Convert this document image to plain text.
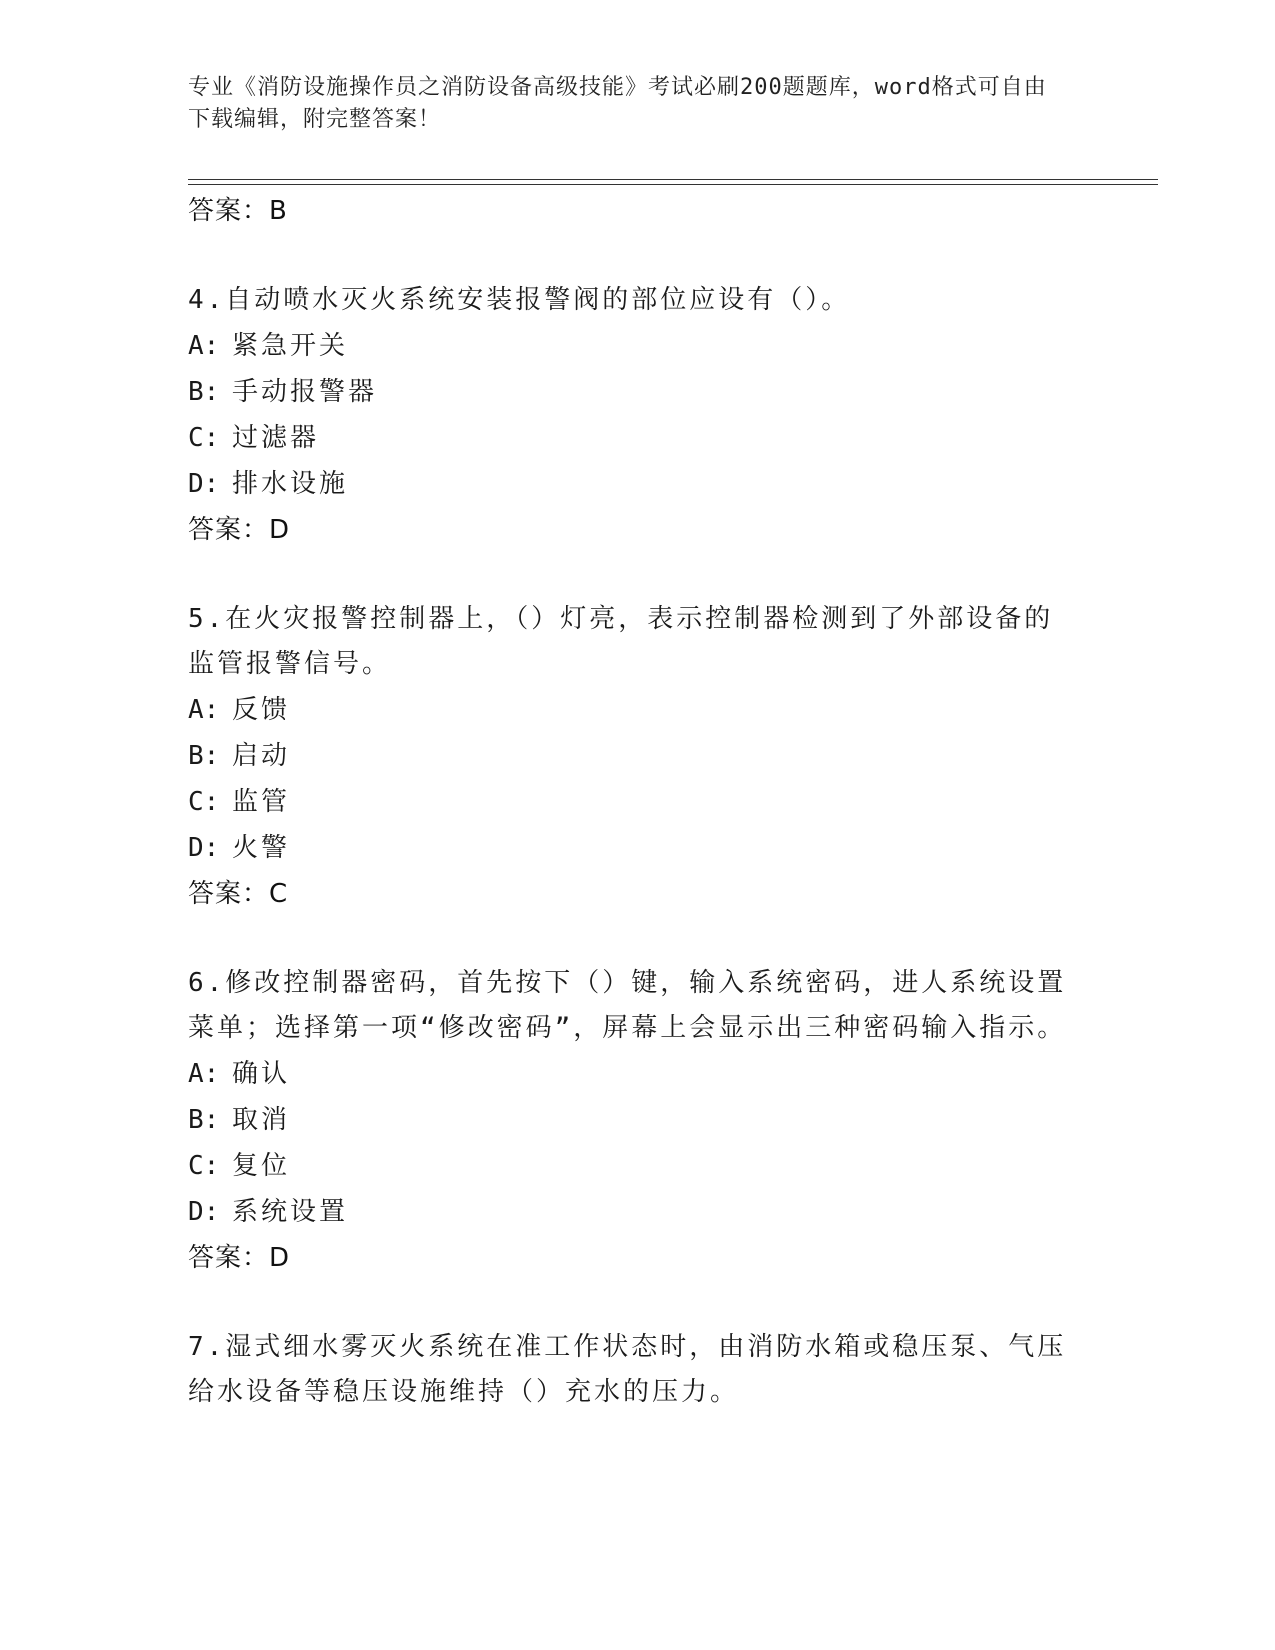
专业《消防设施操作员之消防设备高级技能》考试必刷200题题库，word格式可自由下载编辑，附完整答案！
答案：B
4.自动喷水灭火系统安装报警阀的部位应设有（）。
A: 紧急开关
B: 手动报警器
C: 过滤器
D: 排水设施
答案：D
5.在火灾报警控制器上，（）灯亮，表示控制器检测到了外部设备的监管报警信号。
A: 反馈
B: 启动
C: 监管
D: 火警
答案：C
6.修改控制器密码，首先按下（）键，输入系统密码，进人系统设置菜单；选择第一项“修改密码”，屏幕上会显示出三种密码输入指示。
A: 确认
B: 取消
C: 复位
D: 系统设置
答案：D
7.湿式细水雾灭火系统在准工作状态时，由消防水箱或稳压泵、气压给水设备等稳压设施维持（）充水的压力。
